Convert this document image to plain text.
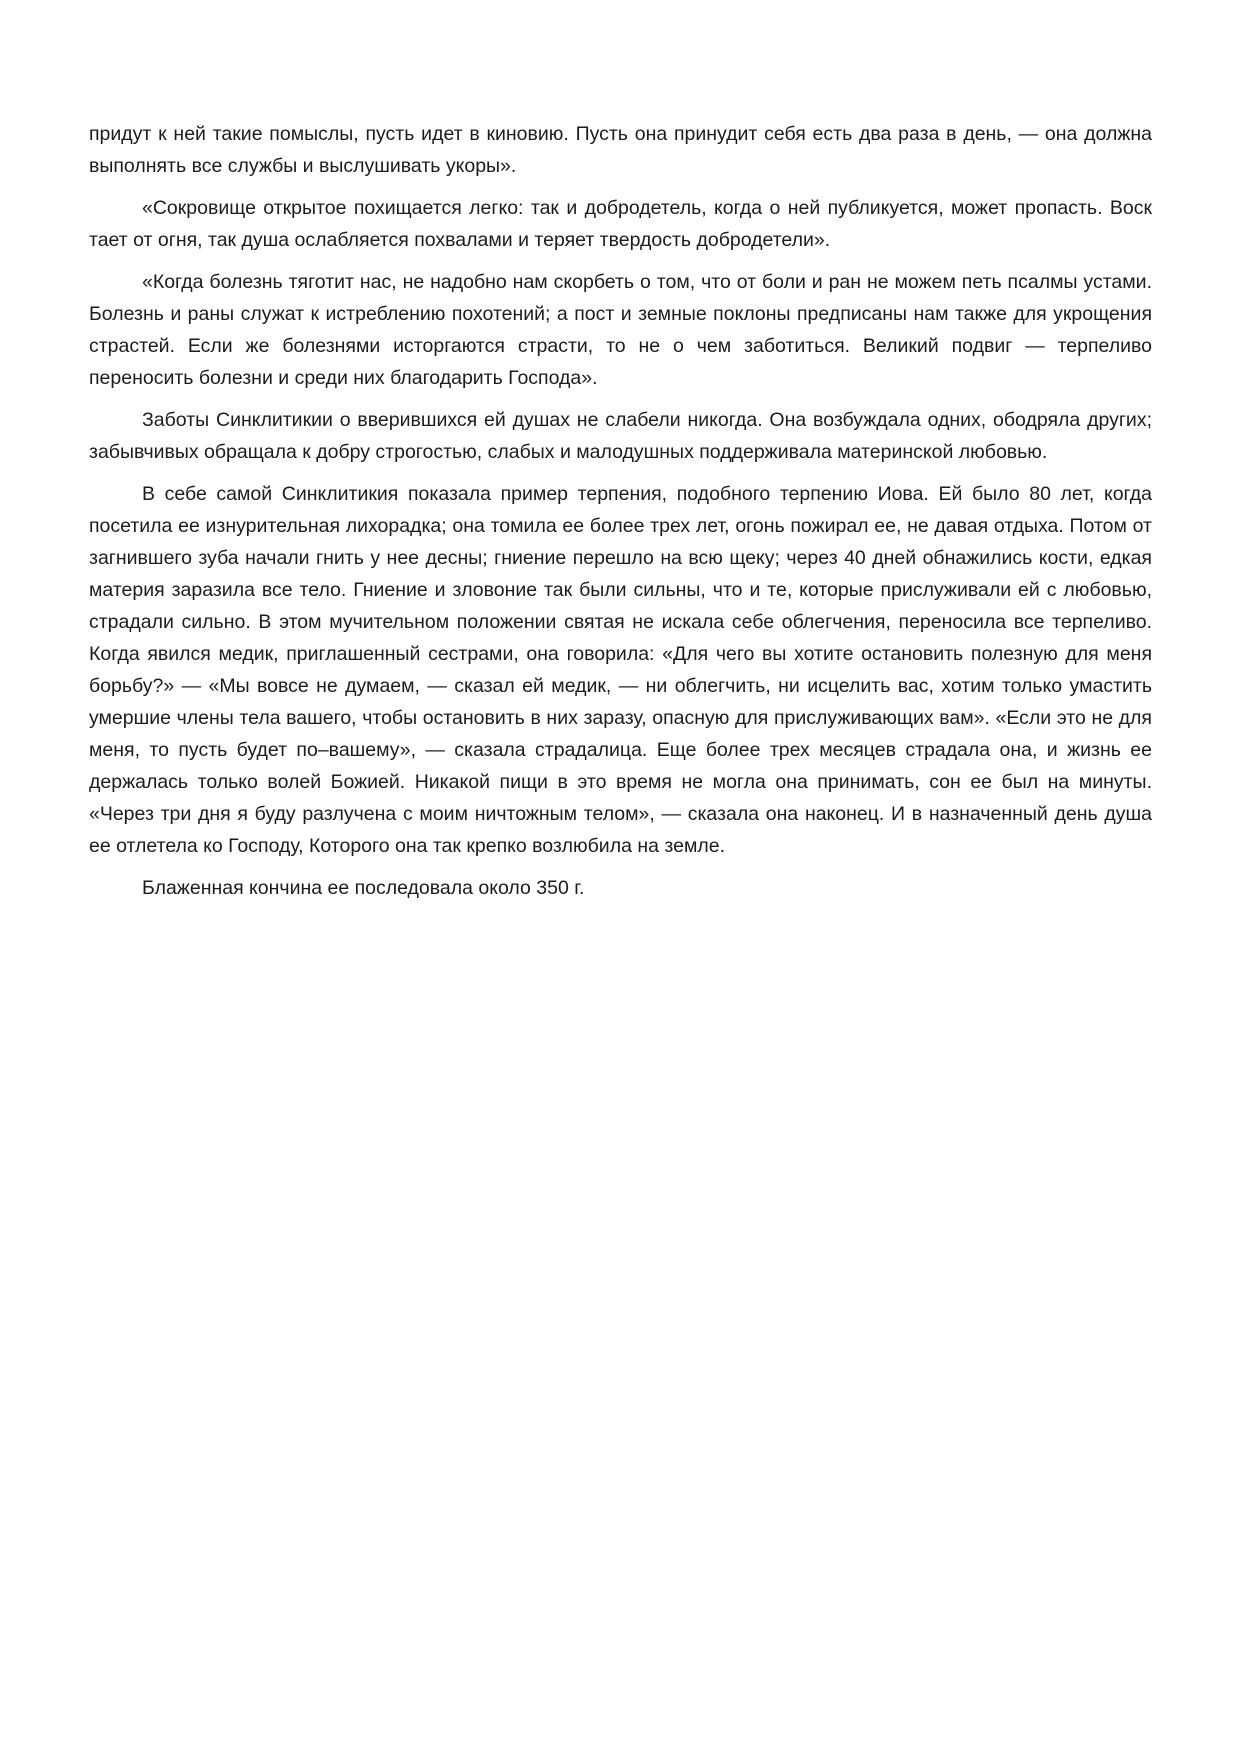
придут к ней такие помыслы, пусть идет в киновию. Пусть она принудит себя есть два раза в день, — она должна выполнять все службы и выслушивать укоры».

«Сокровище открытое похищается легко: так и добродетель, когда о ней публикуется, может пропасть. Воск тает от огня, так душа ослабляется похвалами и теряет твердость добродетели».

«Когда болезнь тяготит нас, не надобно нам скорбеть о том, что от боли и ран не можем петь псалмы устами. Болезнь и раны служат к истреблению похотений; а пост и земные поклоны предписаны нам также для укрощения страстей. Если же болезнями исторгаются страсти, то не о чем заботиться. Великий подвиг — терпеливо переносить болезни и среди них благодарить Господа».

Заботы Синклитикии о вверившихся ей душах не слабели никогда. Она возбуждала одних, ободряла других; забывчивых обращала к добру строгостью, слабых и малодушных поддерживала материнской любовью.

В себе самой Синклитикия показала пример терпения, подобного терпению Иова. Ей было 80 лет, когда посетила ее изнурительная лихорадка; она томила ее более трех лет, огонь пожирал ее, не давая отдыха. Потом от загнившего зуба начали гнить у нее десны; гниение перешло на всю щеку; через 40 дней обнажились кости, едкая материя заразила все тело. Гниение и зловоние так были сильны, что и те, которые прислуживали ей с любовью, страдали сильно. В этом мучительном положении святая не искала себе облегчения, переносила все терпеливо. Когда явился медик, приглашенный сестрами, она говорила: «Для чего вы хотите остановить полезную для меня борьбу?» — «Мы вовсе не думаем, — сказал ей медик, — ни облегчить, ни исцелить вас, хотим только умастить умершие члены тела вашего, чтобы остановить в них заразу, опасную для прислуживающих вам». «Если это не для меня, то пусть будет по–вашему», — сказала страдалица. Еще более трех месяцев страдала она, и жизнь ее держалась только волей Божией. Никакой пищи в это время не могла она принимать, сон ее был на минуты. «Через три дня я буду разлучена с моим ничтожным телом», — сказала она наконец. И в назначенный день душа ее отлетела ко Господу, Которого она так крепко возлюбила на земле.

Блаженная кончина ее последовала около 350 г.
